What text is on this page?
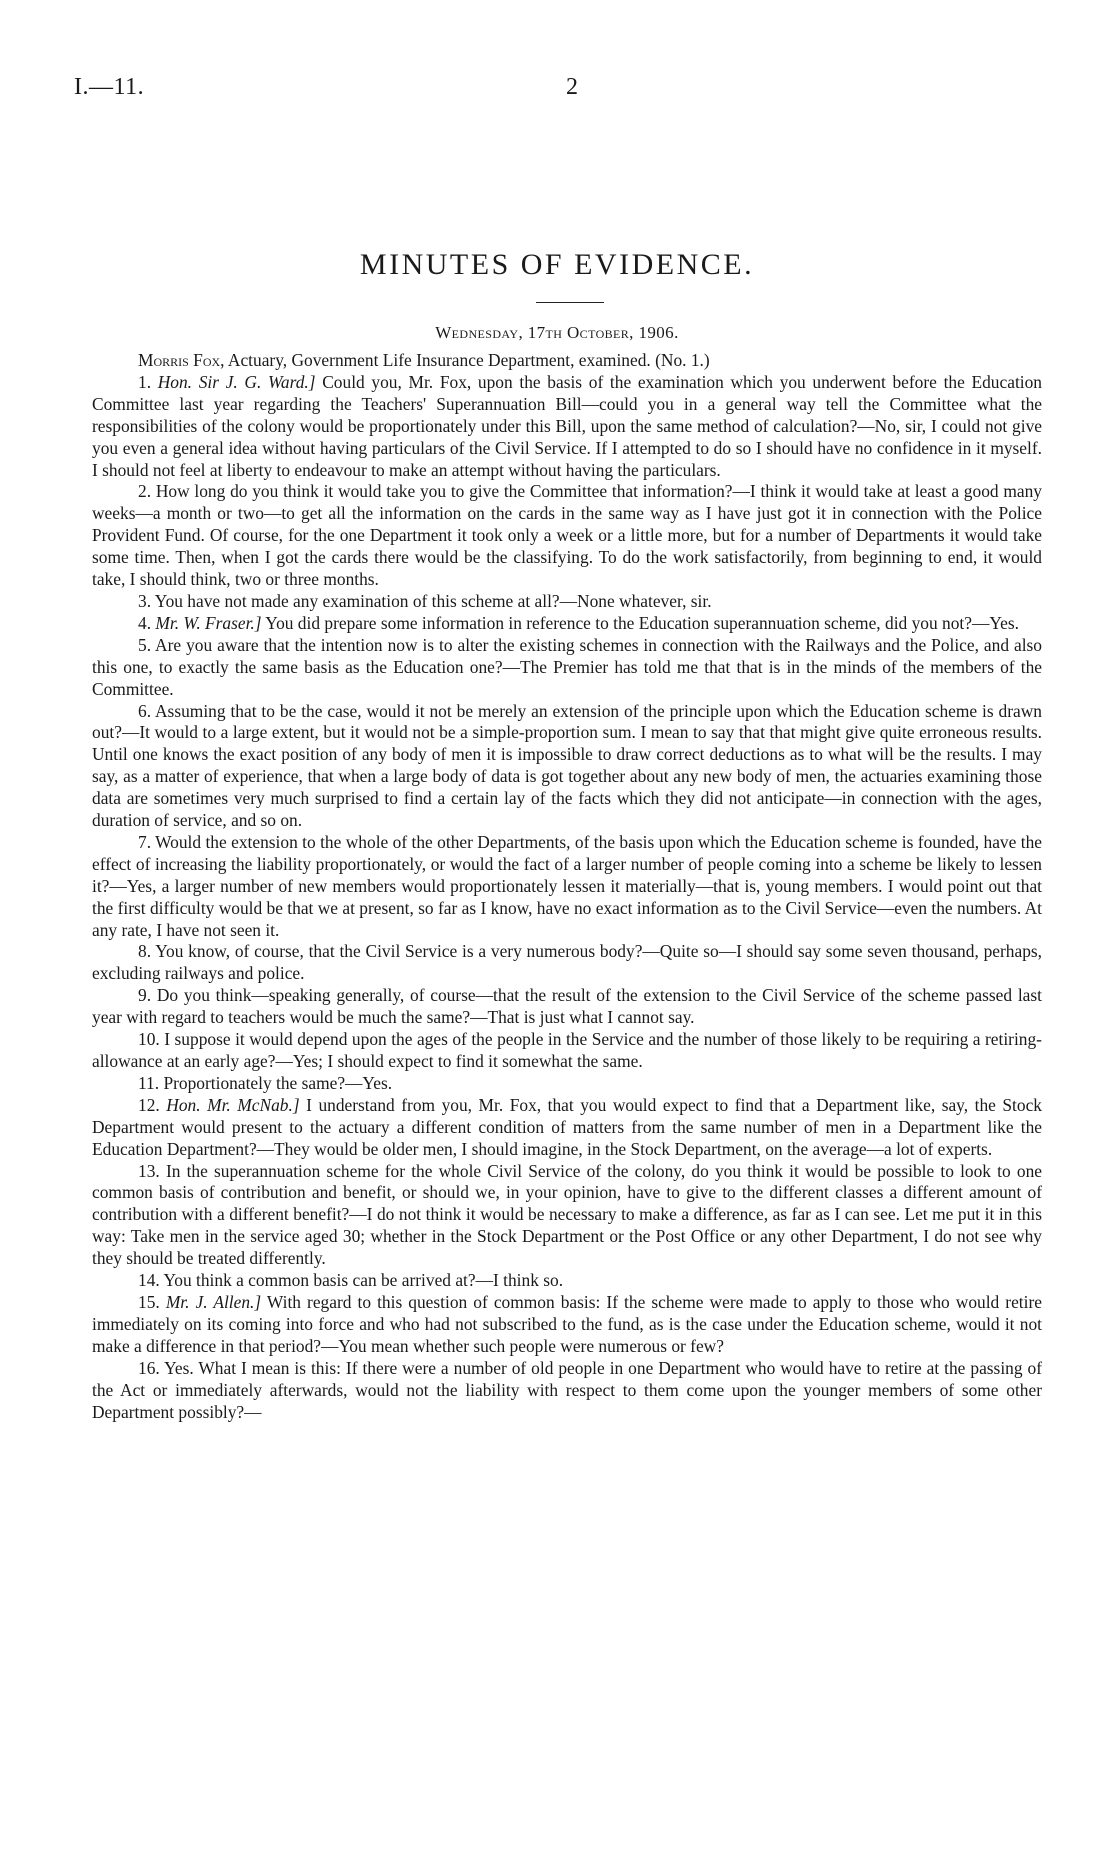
I.—11.	2
MINUTES OF EVIDENCE.
Wednesday, 17th October, 1906.

Morris Fox, Actuary, Government Life Insurance Department, examined. (No. 1.)

1. Hon. Sir J. G. Ward.] Could you, Mr. Fox, upon the basis of the examination which you underwent before the Education Committee last year regarding the Teachers' Superannuation Bill—could you in a general way tell the Committee what the responsibilities of the colony would be proportionately under this Bill, upon the same method of calculation?—No, sir, I could not give you even a general idea without having particulars of the Civil Service. If I attempted to do so I should have no confidence in it myself. I should not feel at liberty to endeavour to make an attempt without having the particulars.

2. How long do you think it would take you to give the Committee that information?—I think it would take at least a good many weeks—a month or two—to get all the information on the cards in the same way as I have just got it in connection with the Police Provident Fund. Of course, for the one Department it took only a week or a little more, but for a number of Departments it would take some time. Then, when I got the cards there would be the classifying. To do the work satisfactorily, from beginning to end, it would take, I should think, two or three months.

3. You have not made any examination of this scheme at all?—None whatever, sir.

4. Mr. W. Fraser.] You did prepare some information in reference to the Education superannuation scheme, did you not?—Yes.

5. Are you aware that the intention now is to alter the existing schemes in connection with the Railways and the Police, and also this one, to exactly the same basis as the Education one?—The Premier has told me that that is in the minds of the members of the Committee.

6. Assuming that to be the case, would it not be merely an extension of the principle upon which the Education scheme is drawn out?—It would to a large extent, but it would not be a simple-proportion sum. I mean to say that that might give quite erroneous results. Until one knows the exact position of any body of men it is impossible to draw correct deductions as to what will be the results. I may say, as a matter of experience, that when a large body of data is got together about any new body of men, the actuaries examining those data are sometimes very much surprised to find a certain lay of the facts which they did not anticipate—in connection with the ages, duration of service, and so on.

7. Would the extension to the whole of the other Departments, of the basis upon which the Education scheme is founded, have the effect of increasing the liability proportionately, or would the fact of a larger number of people coming into a scheme be likely to lessen it?—Yes, a larger number of new members would proportionately lessen it materially—that is, young members. I would point out that the first difficulty would be that we at present, so far as I know, have no exact information as to the Civil Service—even the numbers. At any rate, I have not seen it.

8. You know, of course, that the Civil Service is a very numerous body?—Quite so—I should say some seven thousand, perhaps, excluding railways and police.

9. Do you think—speaking generally, of course—that the result of the extension to the Civil Service of the scheme passed last year with regard to teachers would be much the same?—That is just what I cannot say.

10. I suppose it would depend upon the ages of the people in the Service and the number of those likely to be requiring a retiring-allowance at an early age?—Yes; I should expect to find it somewhat the same.

11. Proportionately the same?—Yes.

12. Hon. Mr. McNab.] I understand from you, Mr. Fox, that you would expect to find that a Department like, say, the Stock Department would present to the actuary a different condition of matters from the same number of men in a Department like the Education Department?—They would be older men, I should imagine, in the Stock Department, on the average—a lot of experts.

13. In the superannuation scheme for the whole Civil Service of the colony, do you think it would be possible to look to one common basis of contribution and benefit, or should we, in your opinion, have to give to the different classes a different amount of contribution with a different benefit?—I do not think it would be necessary to make a difference, as far as I can see. Let me put it in this way: Take men in the service aged 30; whether in the Stock Department or the Post Office or any other Department, I do not see why they should be treated differently.

14. You think a common basis can be arrived at?—I think so.

15. Mr. J. Allen.] With regard to this question of common basis: If the scheme were made to apply to those who would retire immediately on its coming into force and who had not subscribed to the fund, as is the case under the Education scheme, would it not make a difference in that period?—You mean whether such people were numerous or few?

16. Yes. What I mean is this: If there were a number of old people in one Department who would have to retire at the passing of the Act or immediately afterwards, would not the liability with respect to them come upon the younger members of some other Department possibly?—
